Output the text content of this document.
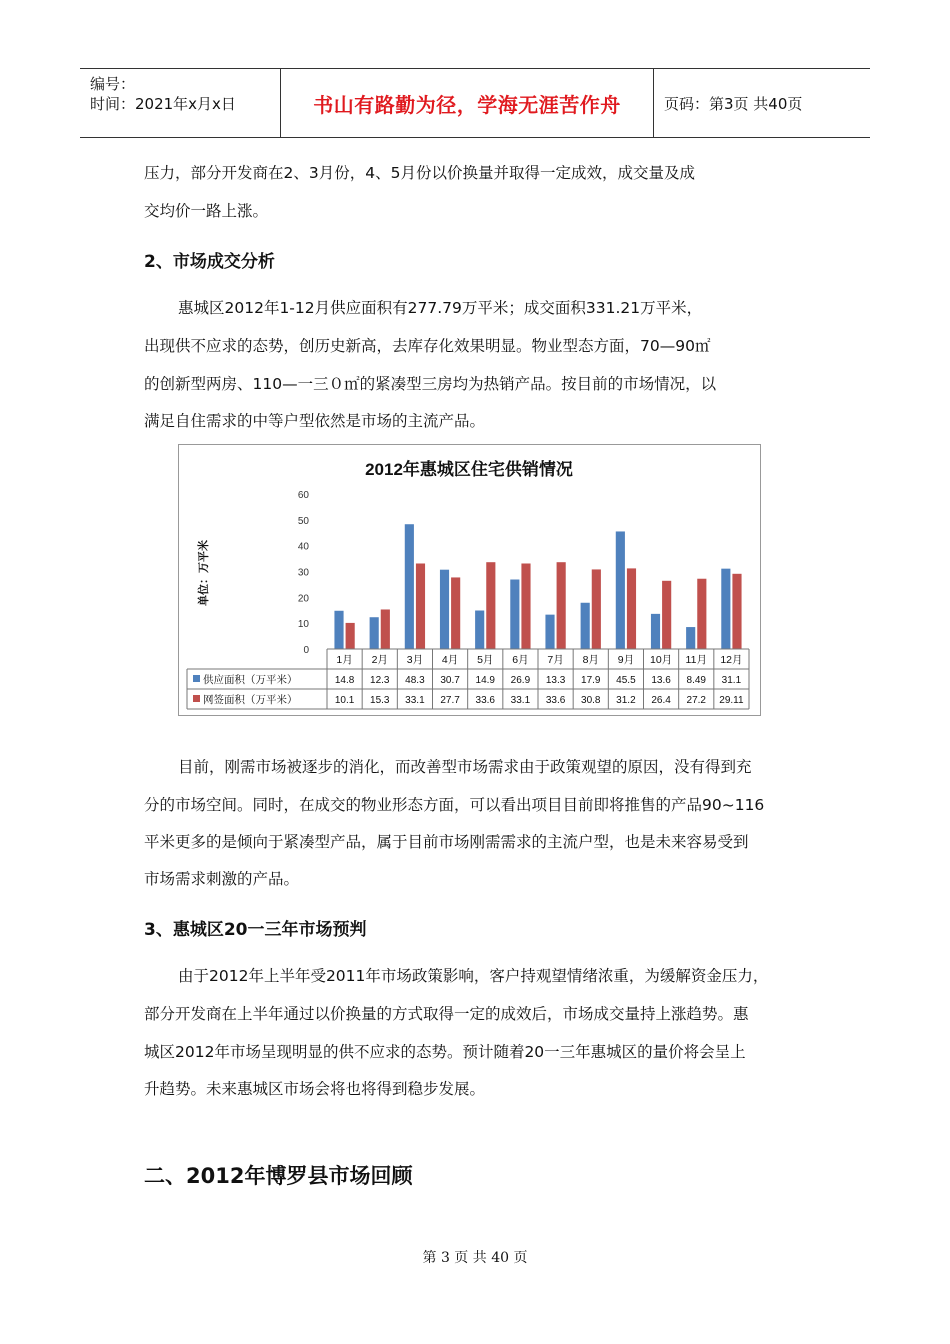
编号：
时间：2021年x月x日	书山有路勤为径，学海无涯苦作舟	页码：第3页 共40页
压力，部分开发商在2、3月份，4、5月份以价换量并取得一定成效，成交量及成
交均价一路上涨。
2、市场成交分析
惠城区2012年1-12月供应面积有277.79万平米；成交面积331.21万平米，
出现供不应求的态势，创历史新高，去库存化效果明显。物业型态方面，70—90㎡
的创新型两房、110—一三０㎡的紧凑型三房均为热销产品。按目前的市场情况，以
满足自住需求的中等户型依然是市场的主流产品。
2012年惠城区住宅供销情况
单位：万平米
0
10
20
30
40
50
60
1月 2月 3月 4月 5月 6月 7月 8月 9月 10月 11月 12月
供应面积（万平米）	14.8 12.3 48.3 30.7 14.9 26.9 13.3 17.9 45.5 13.6 8.49 31.1
网签面积（万平米）	10.1 15.3 33.1 27.7 33.6 33.1 33.6 30.8 31.2 26.4 27.2 29.11
目前，刚需市场被逐步的消化，而改善型市场需求由于政策观望的原因，没有得到充
分的市场空间。同时，在成交的物业形态方面，可以看出项目目前即将推售的产品90~116
平米更多的是倾向于紧凑型产品，属于目前市场刚需需求的主流户型，也是未来容易受到
市场需求刺激的产品。
3、惠城区20一三年市场预判
由于2012年上半年受2011年市场政策影响，客户持观望情绪浓重，为缓解资金压力，
部分开发商在上半年通过以价换量的方式取得一定的成效后，市场成交量持上涨趋势。惠
城区2012年市场呈现明显的供不应求的态势。预计随着20一三年惠城区的量价将会呈上
升趋势。未来惠城区市场会将也将得到稳步发展。
二、2012年博罗县市场回顾
第 3 页 共 40 页
